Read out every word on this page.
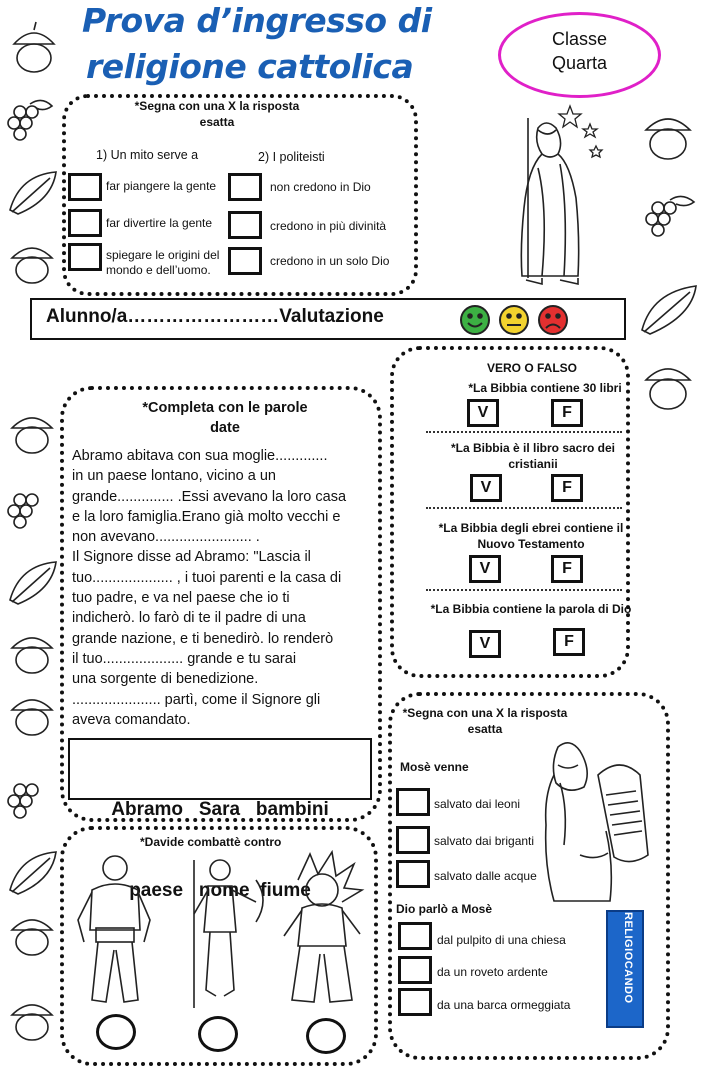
Prova d’ingresso di
religione cattolica
Classe
Quarta
*Segna con una X la risposta
esatta
1) Un mito serve a	2) I politeisti
far piangere la gente
far divertire la gente
spiegare le origini del
mondo e dell’uomo.
non credono in Dio
credono in più divinità
credono in un solo Dio
Alunno/a……………………Valutazione
VERO O FALSO
*La Bibbia contiene 30 libri
V	F
*La Bibbia è il libro sacro dei
cristianii
V	F
*La Bibbia degli ebrei contiene il
Nuovo Testamento
V	F
*La Bibbia contiene la parola di Dio
V	F
*Completa con le parole
date
Abramo abitava con sua moglie.............
in un paese lontano, vicino a un
grande.............. .Essi avevano la loro casa
e la loro famiglia.Erano già molto vecchi e
non avevano........................ .
Il Signore disse ad Abramo: "Lascia il
tuo.................... , i tuoi parenti e la casa di
tuo padre, e va nel paese che io ti
indicherò. lo farò di te il padre di una
grande nazione, e ti benedirò. lo renderò
il tuo.................... grande e tu sarai
una sorgente di benedizione.
...................... partì, come il Signore gli
aveva comandato.

Abramo   Sara   bambini

paese   nome  fiume

*Davide combattè contro
*Segna con una X la risposta
esatta
Mosè venne
salvato dai leoni
salvato dai briganti
salvato dalle acque
Dio parlò a Mosè
dal pulpito di una chiesa
da un roveto ardente
da una barca ormeggiata
RELIGIOCANDO
